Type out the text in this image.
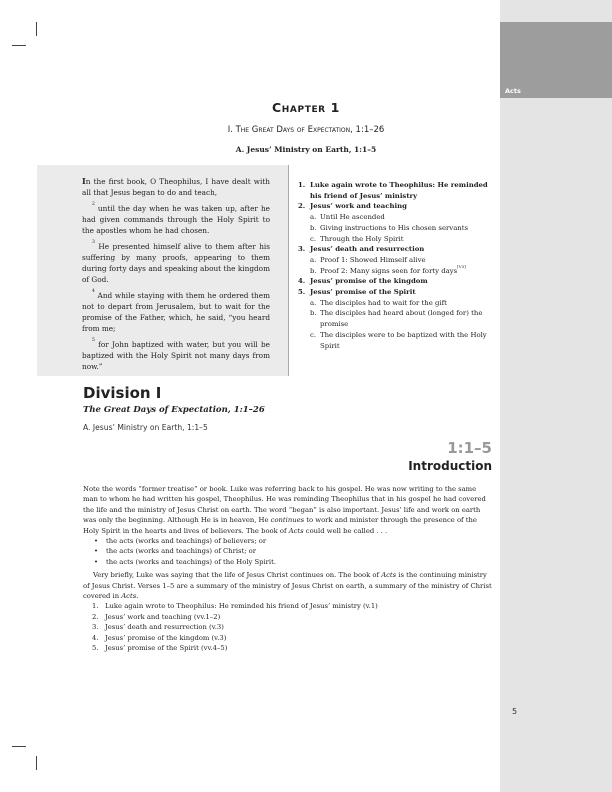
Acts
Chapter 1
I. The Great Days of Expectation, 1:1–26
A. Jesus’ Ministry on Earth, 1:1–5

In the first book, O Theophilus, I have dealt with all that Jesus began to do and teach,

$^2$ until the day when he was taken up, after he had given commands through the Holy Spirit to the apostles whom he had chosen.

$^3$ He presented himself alive to them after his suffering by many proofs, appearing to them during forty days and speaking about the kingdom of God.

$^4$ And while staying with them he ordered them not to depart from Jerusalem, but to wait for the promise of the Father, which, he said, “you heard from me;

$^5$ for John baptized with water, but you will be baptized with the Holy Spirit not many days from now.”

1. Luke again wrote to Theophilus: He reminded his friend of Jesus’ ministry
2. Jesus’ work and teaching
a. Until He ascended
b. Giving instructions to His chosen servants
c. Through the Holy Spirit
3. Jesus’ death and resurrection
a. Proof 1: Showed Himself alive
b. Proof 2: Many signs seen for forty days[V3]
4. Jesus’ promise of the kingdom
5. Jesus’ promise of the Spirit
a. The disciples had to wait for the gift
b. The disciples had heard about (longed for) the promise
c. The disciples were to be baptized with the Holy Spirit
Division I
The Great Days of Expectation, 1:1–26
A. Jesus’ Ministry on Earth, 1:1–5
1:1–5
Introduction

Note the words “former treatise” or book. Luke was referring back to his gospel. He was now writing to the same man to whom he had written his gospel, Theophilus. He was reminding Theophilus that in his gospel he had covered the life and the ministry of Jesus Christ on earth. The word “began” is also important. Jesus’ life and work on earth was only the beginning. Although He is in heaven, He continues to work and minister through the presence of the Holy Spirit in the hearts and lives of believers. The book of Acts could well be called . . .

• the acts (works and teachings) of believers; or
• the acts (works and teachings) of Christ; or
• the acts (works and teachings) of the Holy Spirit.

Very briefly, Luke was saying that the life of Jesus Christ continues on. The book of Acts is the continuing ministry of Jesus Christ. Verses 1–5 are a summary of the ministry of Jesus Christ on earth, a summary of the ministry of Christ covered in Acts.

1. Luke again wrote to Theophilus: He reminded his friend of Jesus’ ministry (v.1)
2. Jesus’ work and teaching (vv.1–2)
3. Jesus’ death and resurrection (v.3)
4. Jesus’ promise of the kingdom (v.3)
5. Jesus’ promise of the Spirit (vv.4–5)
5
